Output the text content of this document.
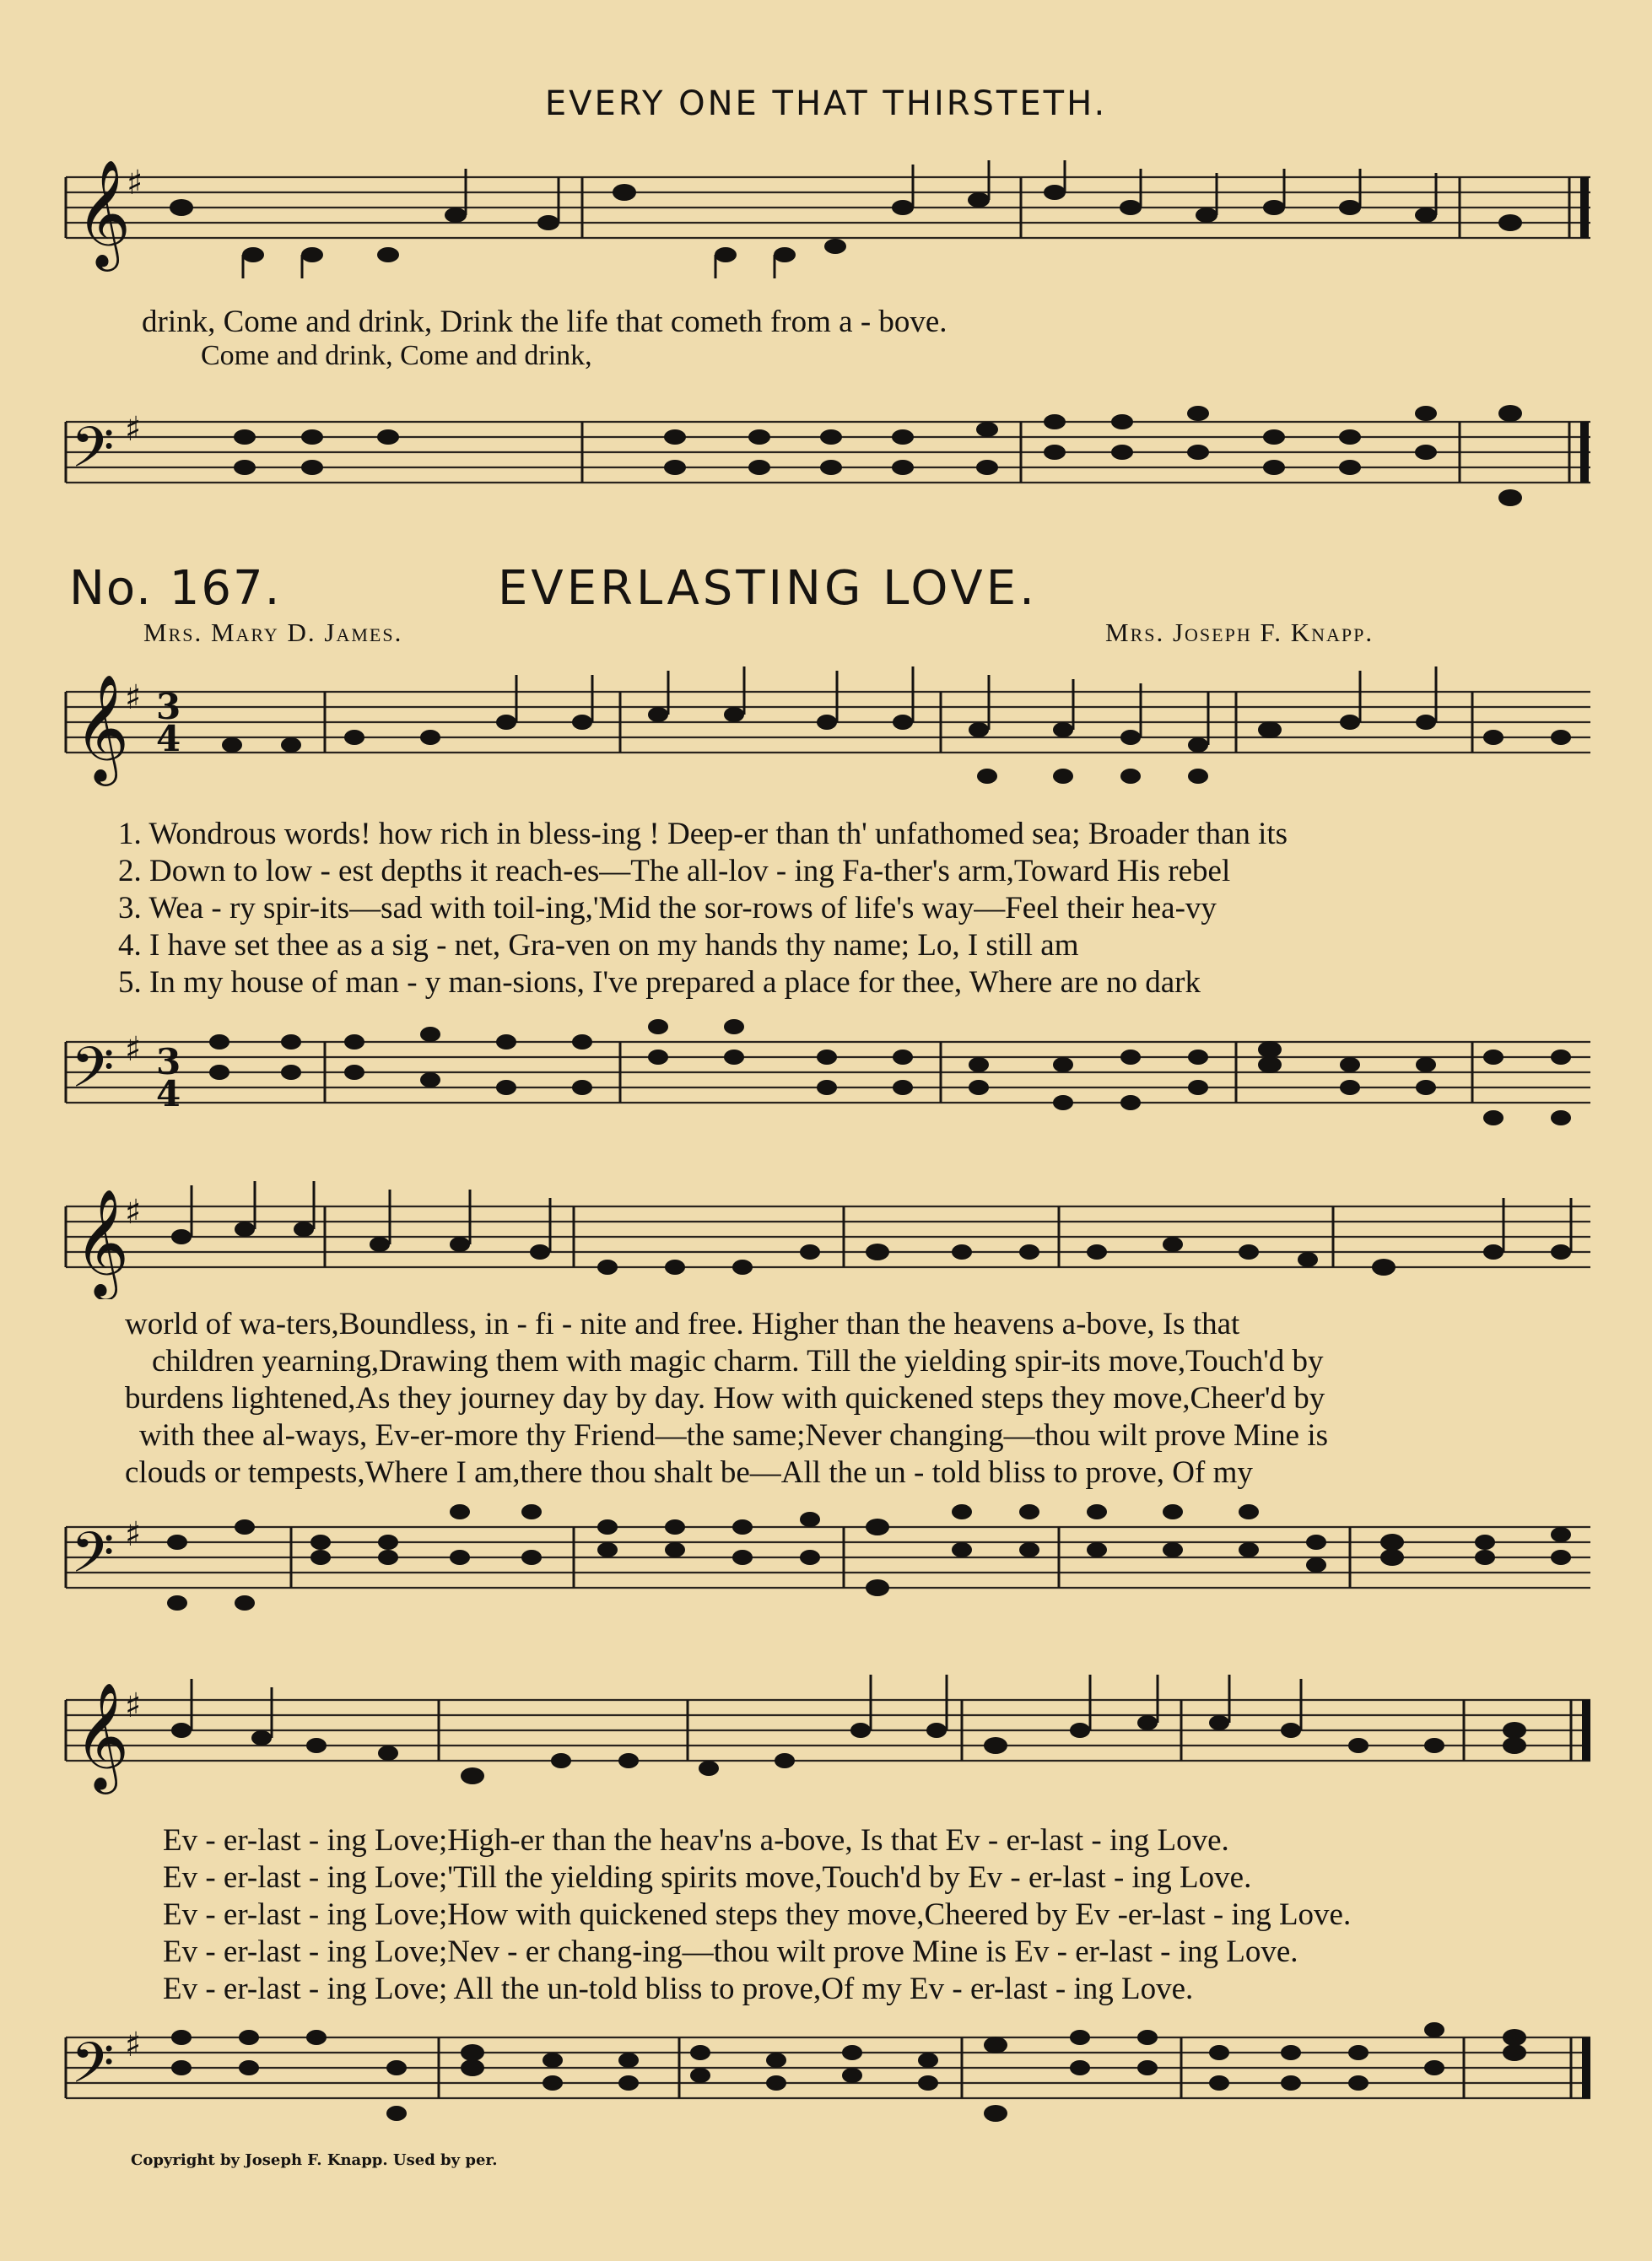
EVERY ONE THAT THIRSTETH.
𝄞
♯
drink, Come and drink, Drink the life that cometh from a - bove.
Come and drink, Come and drink,
𝄢 ♯
No. 167.	EVERLASTING LOVE.
Mrs. Mary D. James.	Mrs. Joseph F. Knapp.
𝄞
♯ 3
4
1. Wondrous words! how rich in bless-ing ! Deep-er than th' unfathomed sea; Broader than its
2. Down to low - est depths it reach-es—The all-lov - ing Fa-ther's arm,Toward His rebel
3. Wea - ry spir-its—sad with toil-ing,'Mid the sor-rows of life's way—Feel their hea-vy
4. I have set thee as a sig - net, Gra-ven on my hands thy name; Lo, I still am
5. In my house of man - y man-sions, I've prepared a place for thee, Where are no dark
𝄢 ♯ 3
4
𝄞
♯
world of wa-ters,Boundless, in - fi - nite and free. Higher than the heavens a-bove, Is that
children yearning,Drawing them with magic charm. Till the yielding spir-its move,Touch'd by
burdens lightened,As they journey day by day. How with quickened steps they move,Cheer'd by
with thee al-ways, Ev-er-more thy Friend—the same;Never changing—thou wilt prove Mine is
clouds or tempests,Where I am,there thou shalt be—All the un - told bliss to prove, Of my
𝄢 ♯
𝄞
♯
Ev - er-last - ing Love;High-er than the heav'ns a-bove, Is that Ev - er-last - ing Love.
Ev - er-last - ing Love;'Till the yielding spirits move,Touch'd by Ev - er-last - ing Love.
Ev - er-last - ing Love;How with quickened steps they move,Cheered by Ev -er-last - ing Love.
Ev - er-last - ing Love;Nev - er chang-ing—thou wilt prove Mine is Ev - er-last - ing Love.
Ev - er-last - ing Love; All the un-told bliss to prove,Of my Ev - er-last - ing Love.
𝄢 ♯
Copyright by Joseph F. Knapp. Used by per.
